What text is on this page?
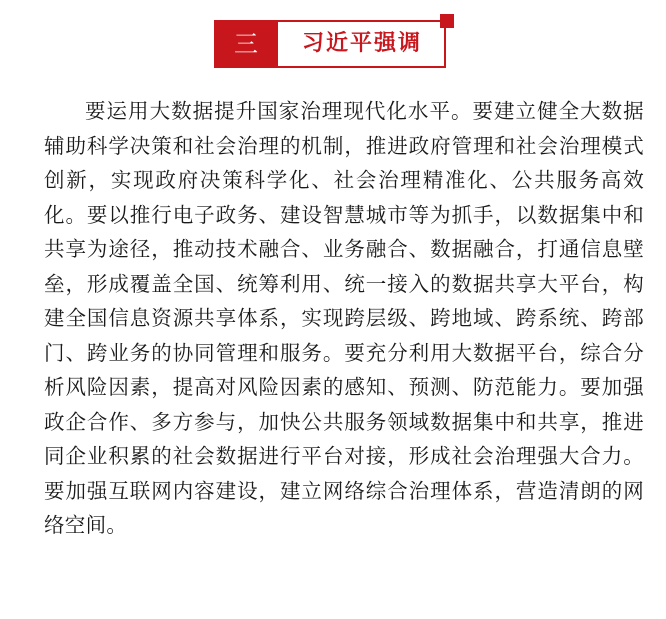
三	习近平强调

要运用大数据提升国家治理现代化水平。要建立健全大数据辅助科学决策和社会治理的机制，推进政府管理和社会治理模式创新，实现政府决策科学化、社会治理精准化、公共服务高效化。要以推行电子政务、建设智慧城市等为抓手，以数据集中和共享为途径，推动技术融合、业务融合、数据融合，打通信息壁垒，形成覆盖全国、统筹利用、统一接入的数据共享大平台，构建全国信息资源共享体系，实现跨层级、跨地域、跨系统、跨部门、跨业务的协同管理和服务。要充分利用大数据平台，综合分析风险因素，提高对风险因素的感知、预测、防范能力。要加强政企合作、多方参与，加快公共服务领域数据集中和共享，推进同企业积累的社会数据进行平台对接，形成社会治理强大合力。要加强互联网内容建设，建立网络综合治理体系，营造清朗的网络空间。
